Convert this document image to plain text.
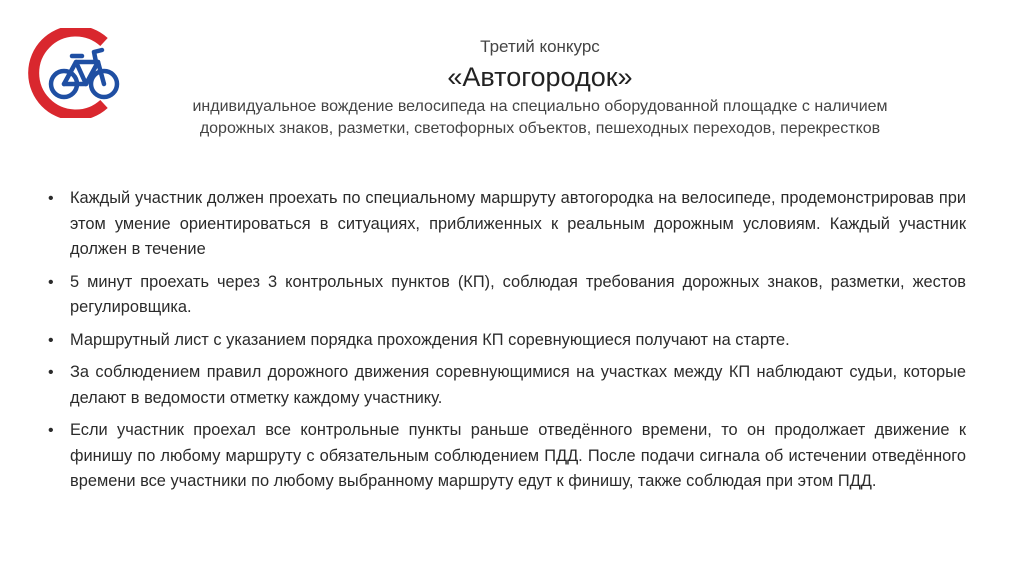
Третий конкурс
«Автогородок»
индивидуальное вождение велосипеда на специально оборудованной площадке с наличием
дорожных знаков, разметки, светофорных объектов, пешеходных переходов, перекрестков
• Каждый участник должен проехать по специальному маршруту автогородка на велосипеде, продемонстрировав при этом умение ориентироваться в ситуациях, приближенных к реальным дорожным условиям. Каждый участник должен в течение
• 5 минут проехать через 3 контрольных пунктов (КП), соблюдая требования дорожных знаков, разметки, жестов регулировщика.
• Маршрутный лист с указанием порядка прохождения КП соревнующиеся получают на старте.
• За соблюдением правил дорожного движения соревнующимися на участках между КП наблюдают судьи, которые делают в ведомости отметку каждому участнику.
• Если участник проехал все контрольные пункты раньше отведённого времени, то он продолжает движение к финишу по любому маршруту с обязательным соблюдением ПДД. После подачи сигнала об истечении отведённого времени все участники по любому выбранному маршруту едут к финишу, также соблюдая при этом ПДД.
